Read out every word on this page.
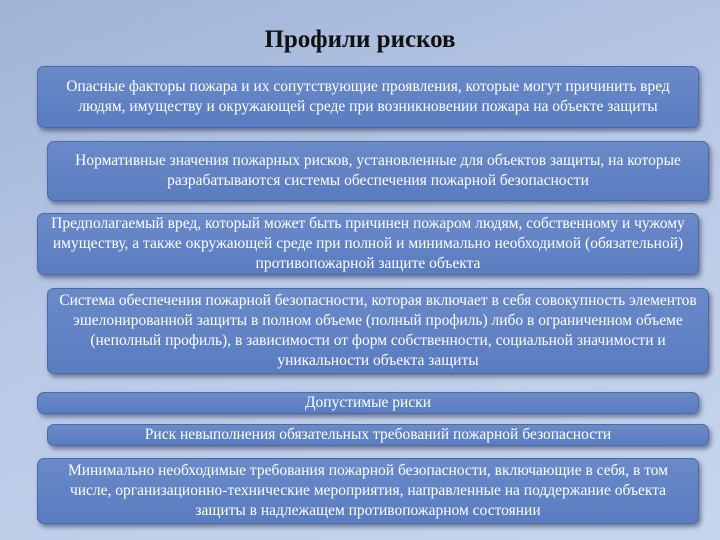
Профили рисков
Опасные факторы пожара и их сопутствующие проявления, которые могут причинить вред людям, имуществу и окружающей среде при возникновении пожара на объекте защиты
Нормативные значения пожарных рисков, установленные для объектов защиты, на которые разрабатываются системы обеспечения пожарной безопасности
Предполагаемый вред, который может быть причинен пожаром людям, собственному и чужому имуществу, а также окружающей среде при полной и минимально необходимой (обязательной) противопожарной защите объекта
Система обеспечения пожарной безопасности, которая включает в себя совокупность элементов эшелонированной защиты в полном объеме (полный профиль) либо в ограниченном объеме (неполный профиль), в зависимости от форм собственности, социальной значимости и уникальности объекта защиты
Допустимые риски
Риск невыполнения обязательных требований пожарной безопасности
Минимально необходимые требования пожарной безопасности, включающие в себя, в том числе, организационно-технические мероприятия, направленные на поддержание объекта защиты в надлежащем противопожарном состоянии
